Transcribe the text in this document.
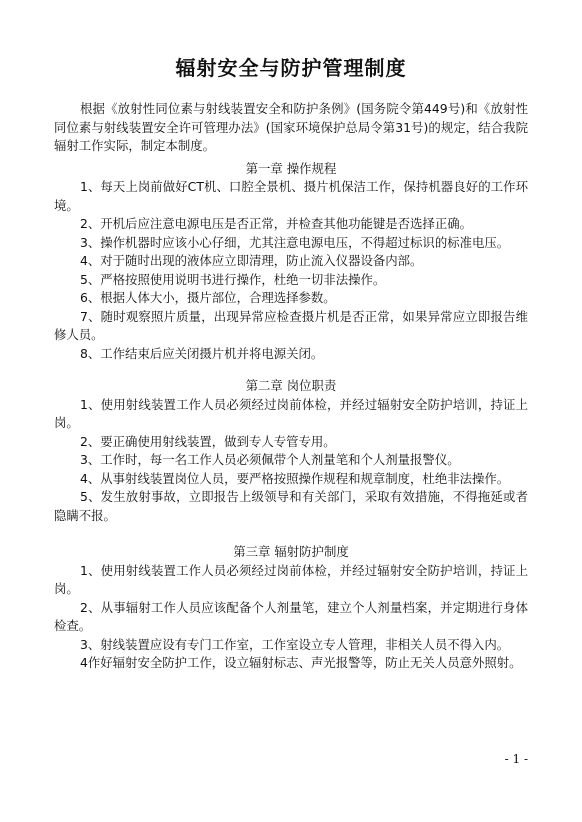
辐射安全与防护管理制度

根据《放射性同位素与射线装置安全和防护条例》(国务院令第449号)和《放射性同位素与射线装置安全许可管理办法》(国家环境保护总局令第31号)的规定，结合我院辐射工作实际，制定本制度。

第一章 操作规程

1、每天上岗前做好CT机、口腔全景机、摄片机保洁工作，保持机器良好的工作环境。

2、开机后应注意电源电压是否正常，并检查其他功能键是否选择正确。

3、操作机器时应该小心仔细，尤其注意电源电压，不得超过标识的标准电压。

4、对于随时出现的液体应立即清理，防止流入仪器设备内部。

5、严格按照使用说明书进行操作，杜绝一切非法操作。

6、根据人体大小，摄片部位，合理选择参数。

7、随时观察照片质量，出现异常应检查摄片机是否正常，如果异常应立即报告维修人员。

8、工作结束后应关闭摄片机并将电源关闭。

第二章 岗位职责

1、使用射线装置工作人员必须经过岗前体检，并经过辐射安全防护培训，持证上岗。

2、要正确使用射线装置，做到专人专管专用。

3、工作时，每一名工作人员必须佩带个人剂量笔和个人剂量报警仪。

4、从事射线装置岗位人员，要严格按照操作规程和规章制度，杜绝非法操作。

5、发生放射事故，立即报告上级领导和有关部门，采取有效措施，不得拖延或者隐瞒不报。

第三章 辐射防护制度

1、使用射线装置工作人员必须经过岗前体检，并经过辐射安全防护培训，持证上岗。

2、从事辐射工作人员应该配备个人剂量笔，建立个人剂量档案，并定期进行身体检查。

3、射线装置应设有专门工作室，工作室设立专人管理，非相关人员不得入内。

4作好辐射安全防护工作，设立辐射标志、声光报警等，防止无关人员意外照射。

- 1 -
